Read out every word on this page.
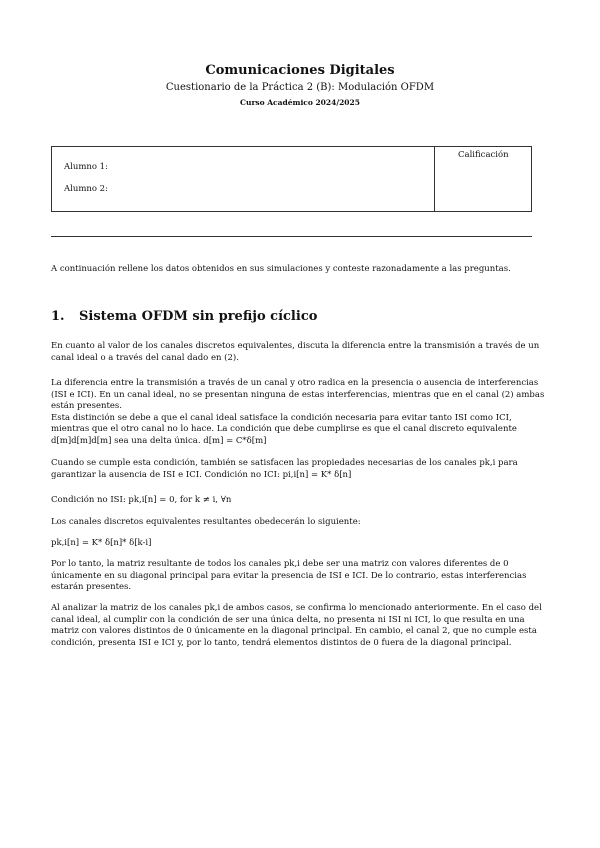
Comunicaciones Digitales
Cuestionario de la Práctica 2 (B): Modulación OFDM
Curso Académico 2024/2025
Alumno 1:
Alumno 2:
Calificación
A continuación rellene los datos obtenidos en sus simulaciones y conteste razonadamente a las preguntas.
1. Sistema OFDM sin prefijo cíclico
En cuanto al valor de los canales discretos equivalentes, discuta la diferencia entre la transmisión a través de un
canal ideal o a través del canal dado en (2).
La diferencia entre la transmisión a través de un canal y otro radica en la presencia o ausencia de interferencias
(ISI e ICI). En un canal ideal, no se presentan ninguna de estas interferencias, mientras que en el canal (2) ambas
están presentes.
Esta distinción se debe a que el canal ideal satisface la condición necesaria para evitar tanto ISI como ICI,
mientras que el otro canal no lo hace. La condición que debe cumplirse es que el canal discreto equivalente
d[m]d[m]d[m] sea una delta única. d[m] = C*δ[m]
Cuando se cumple esta condición, también se satisfacen las propiedades necesarias de los canales pk,i para
garantizar la ausencia de ISI e ICI. Condición no ICI: pi,i[n] = K* δ[n]
Condición no ISI: pk,i[n] = 0, for k ≠ i, ∀n
Los canales discretos equivalentes resultantes obedecerán lo siguiente:
pk,i[n] = K* δ[n]* δ[k-i]
Por lo tanto, la matriz resultante de todos los canales pk,i debe ser una matriz con valores diferentes de 0
únicamente en su diagonal principal para evitar la presencia de ISI e ICI. De lo contrario, estas interferencias
estarán presentes.
Al analizar la matriz de los canales pk,i de ambos casos, se confirma lo mencionado anteriormente. En el caso del
canal ideal, al cumplir con la condición de ser una única delta, no presenta ni ISI ni ICI, lo que resulta en una
matriz con valores distintos de 0 únicamente en la diagonal principal. En cambio, el canal 2, que no cumple esta
condición, presenta ISI e ICI y, por lo tanto, tendrá elementos distintos de 0 fuera de la diagonal principal.
